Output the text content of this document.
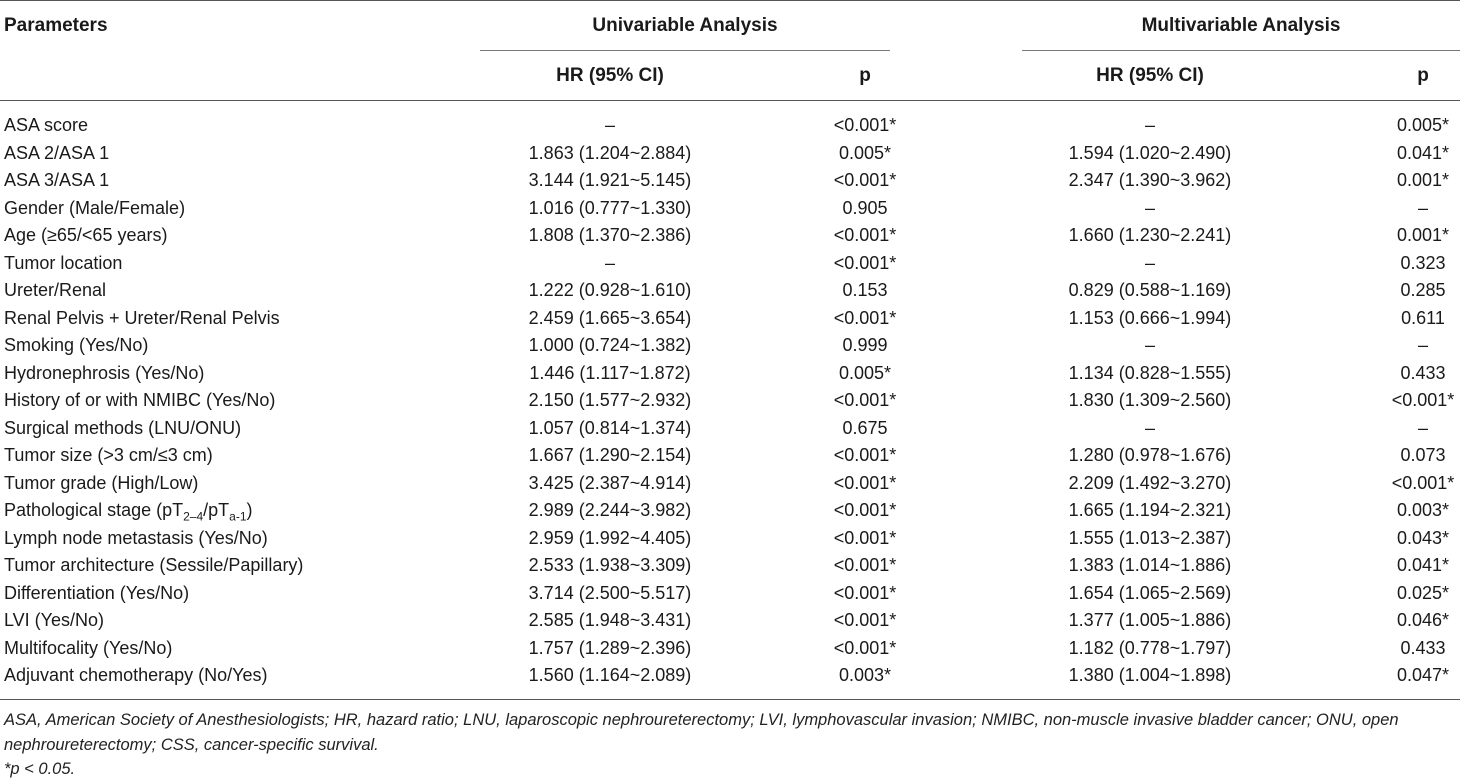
Parameters	Univariable Analysis	Multivariable Analysis
HR (95% CI)	p	HR (95% CI)	p
ASA score	–	<0.001*	–	0.005*
ASA 2/ASA 1	1.863 (1.204~2.884)	0.005*	1.594 (1.020~2.490)	0.041*
ASA 3/ASA 1	3.144 (1.921~5.145)	<0.001*	2.347 (1.390~3.962)	0.001*
Gender (Male/Female)	1.016 (0.777~1.330)	0.905	–	–
Age (≥65/<65 years)	1.808 (1.370~2.386)	<0.001*	1.660 (1.230~2.241)	0.001*
Tumor location	–	<0.001*	–	0.323
Ureter/Renal	1.222 (0.928~1.610)	0.153	0.829 (0.588~1.169)	0.285
Renal Pelvis + Ureter/Renal Pelvis	2.459 (1.665~3.654)	<0.001*	1.153 (0.666~1.994)	0.611
Smoking (Yes/No)	1.000 (0.724~1.382)	0.999	–	–
Hydronephrosis (Yes/No)	1.446 (1.117~1.872)	0.005*	1.134 (0.828~1.555)	0.433
History of or with NMIBC (Yes/No)	2.150 (1.577~2.932)	<0.001*	1.830 (1.309~2.560)	<0.001*
Surgical methods (LNU/ONU)	1.057 (0.814~1.374)	0.675	–	–
Tumor size (>3 cm/≤3 cm)	1.667 (1.290~2.154)	<0.001*	1.280 (0.978~1.676)	0.073
Tumor grade (High/Low)	3.425 (2.387~4.914)	<0.001*	2.209 (1.492~3.270)	<0.001*
Pathological stage $(pT_{2-4}/pT_{a-1})$	2.989 (2.244~3.982)	<0.001*	1.665 (1.194~2.321)	0.003*
Lymph node metastasis (Yes/No)	2.959 (1.992~4.405)	<0.001*	1.555 (1.013~2.387)	0.043*
Tumor architecture (Sessile/Papillary)	2.533 (1.938~3.309)	<0.001*	1.383 (1.014~1.886)	0.041*
Differentiation (Yes/No)	3.714 (2.500~5.517)	<0.001*	1.654 (1.065~2.569)	0.025*
LVI (Yes/No)	2.585 (1.948~3.431)	<0.001*	1.377 (1.005~1.886)	0.046*
Multifocality (Yes/No)	1.757 (1.289~2.396)	<0.001*	1.182 (0.778~1.797)	0.433
Adjuvant chemotherapy (No/Yes)	1.560 (1.164~2.089)	0.003*	1.380 (1.004~1.898)	0.047*
ASA, American Society of Anesthesiologists; HR, hazard ratio; LNU, laparoscopic nephroureterectomy; LVI, lymphovascular invasion; NMIBC, non-muscle invasive bladder cancer; ONU, open nephroureterectomy; CSS, cancer-specific survival.
*p < 0.05.
